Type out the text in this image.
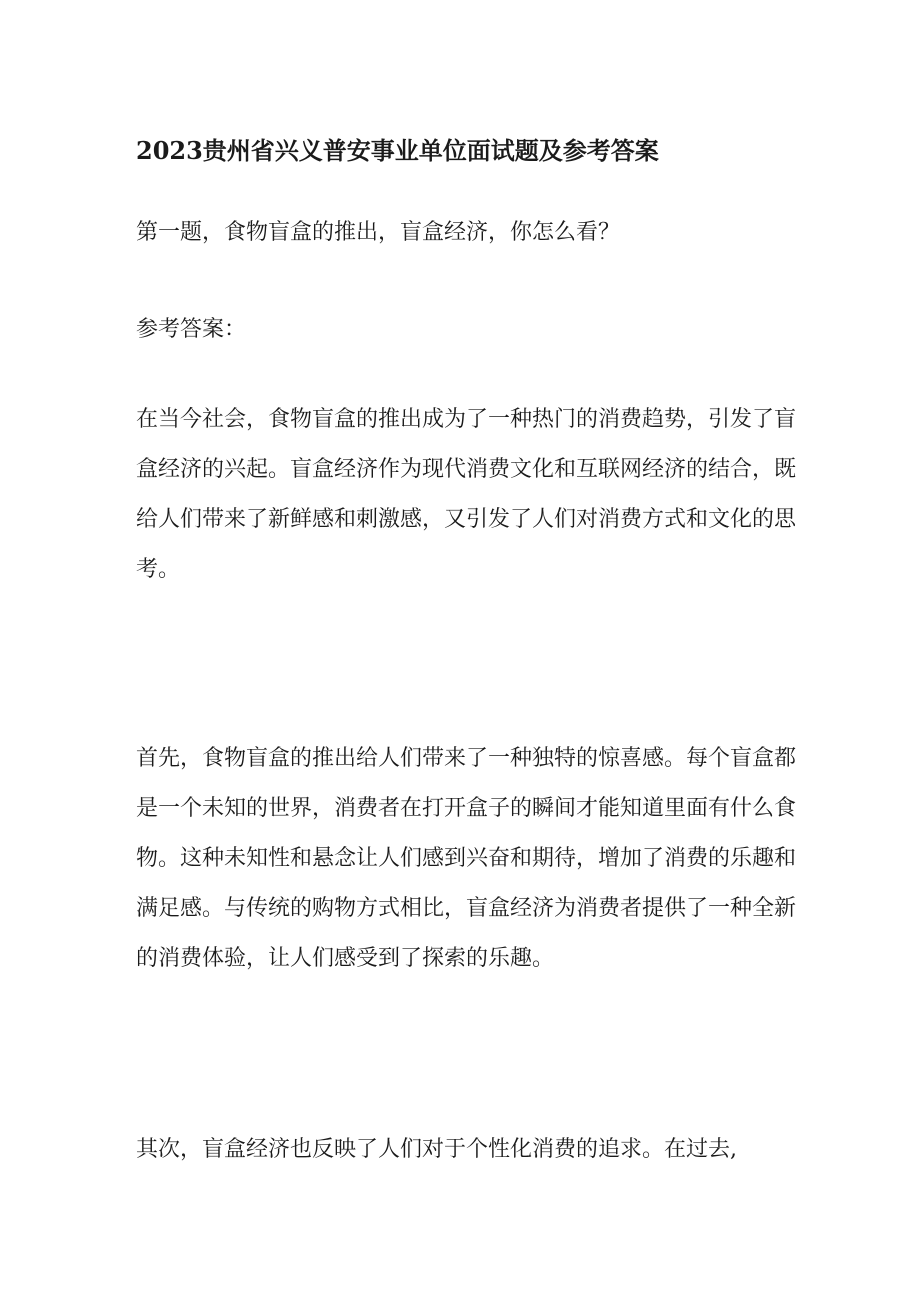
2023贵州省兴义普安事业单位面试题及参考答案

第一题，食物盲盒的推出，盲盒经济，你怎么看？

参考答案：

在当今社会，食物盲盒的推出成为了一种热门的消费趋势，引发了盲
盒经济的兴起。盲盒经济作为现代消费文化和互联网经济的结合，既
给人们带来了新鲜感和刺激感，又引发了人们对消费方式和文化的思
考。
首先，食物盲盒的推出给人们带来了一种独特的惊喜感。每个盲盒都
是一个未知的世界，消费者在打开盒子的瞬间才能知道里面有什么食
物。这种未知性和悬念让人们感到兴奋和期待，增加了消费的乐趣和
满足感。与传统的购物方式相比，盲盒经济为消费者提供了一种全新
的消费体验，让人们感受到了探索的乐趣。
其次，盲盒经济也反映了人们对于个性化消费的追求。在过去,
